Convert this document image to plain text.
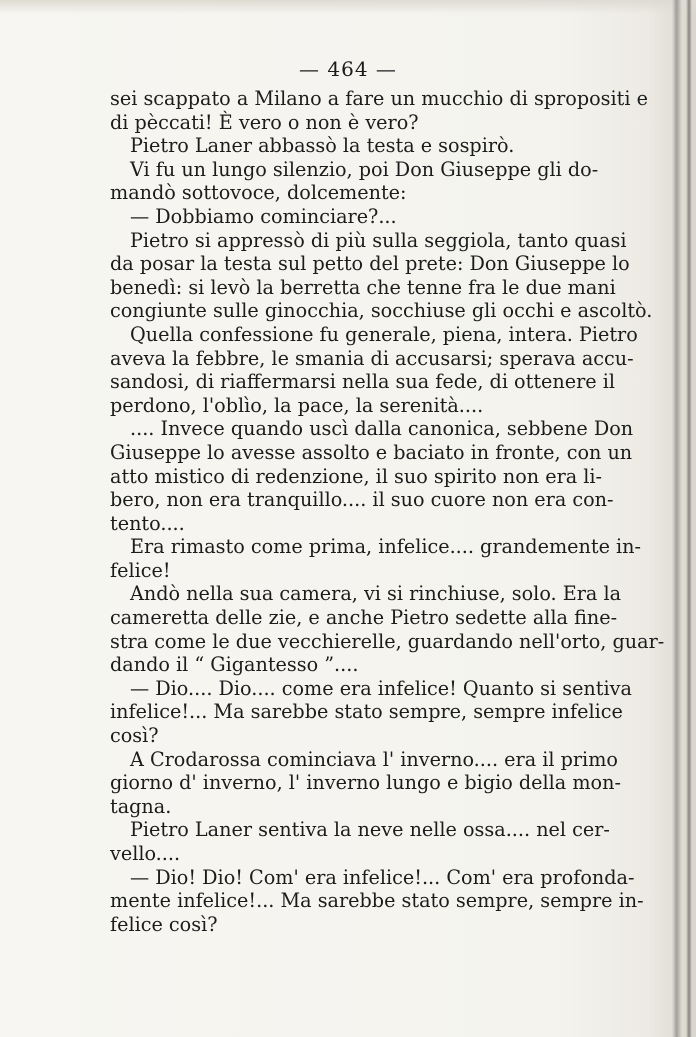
— 464 —
sei scappato a Milano a fare un mucchio di spropositi e
di pèccati! È vero o non è vero?
Pietro Laner abbassò la testa e sospirò.
Vi fu un lungo silenzio, poi Don Giuseppe gli do-
mandò sottovoce, dolcemente:
— Dobbiamo cominciare?...
Pietro si appressò di più sulla seggiola, tanto quasi
da posar la testa sul petto del prete: Don Giuseppe lo
benedì: si levò la berretta che tenne fra le due mani
congiunte sulle ginocchia, socchiuse gli occhi e ascoltò.
Quella confessione fu generale, piena, intera. Pietro
aveva la febbre, le smania di accusarsi; sperava accu-
sandosi, di riaffermarsi nella sua fede, di ottenere il
perdono, l'oblìo, la pace, la serenità....
.... Invece quando uscì dalla canonica, sebbene Don
Giuseppe lo avesse assolto e baciato in fronte, con un
atto mistico di redenzione, il suo spirito non era li-
bero, non era tranquillo.... il suo cuore non era con-
tento....
Era rimasto come prima, infelice.... grandemente in-
felice!
Andò nella sua camera, vi si rinchiuse, solo. Era la
cameretta delle zie, e anche Pietro sedette alla fine-
stra come le due vecchierelle, guardando nell'orto, guar-
dando il “ Gigantesso ”....
— Dio.... Dio.... come era infelice! Quanto si sentiva
infelice!... Ma sarebbe stato sempre, sempre infelice
così?
A Crodarossa cominciava l' inverno.... era il primo
giorno d' inverno, l' inverno lungo e bigio della mon-
tagna.
Pietro Laner sentiva la neve nelle ossa.... nel cer-
vello....
— Dio! Dio! Com' era infelice!... Com' era profonda-
mente infelice!... Ma sarebbe stato sempre, sempre in-
felice così?
